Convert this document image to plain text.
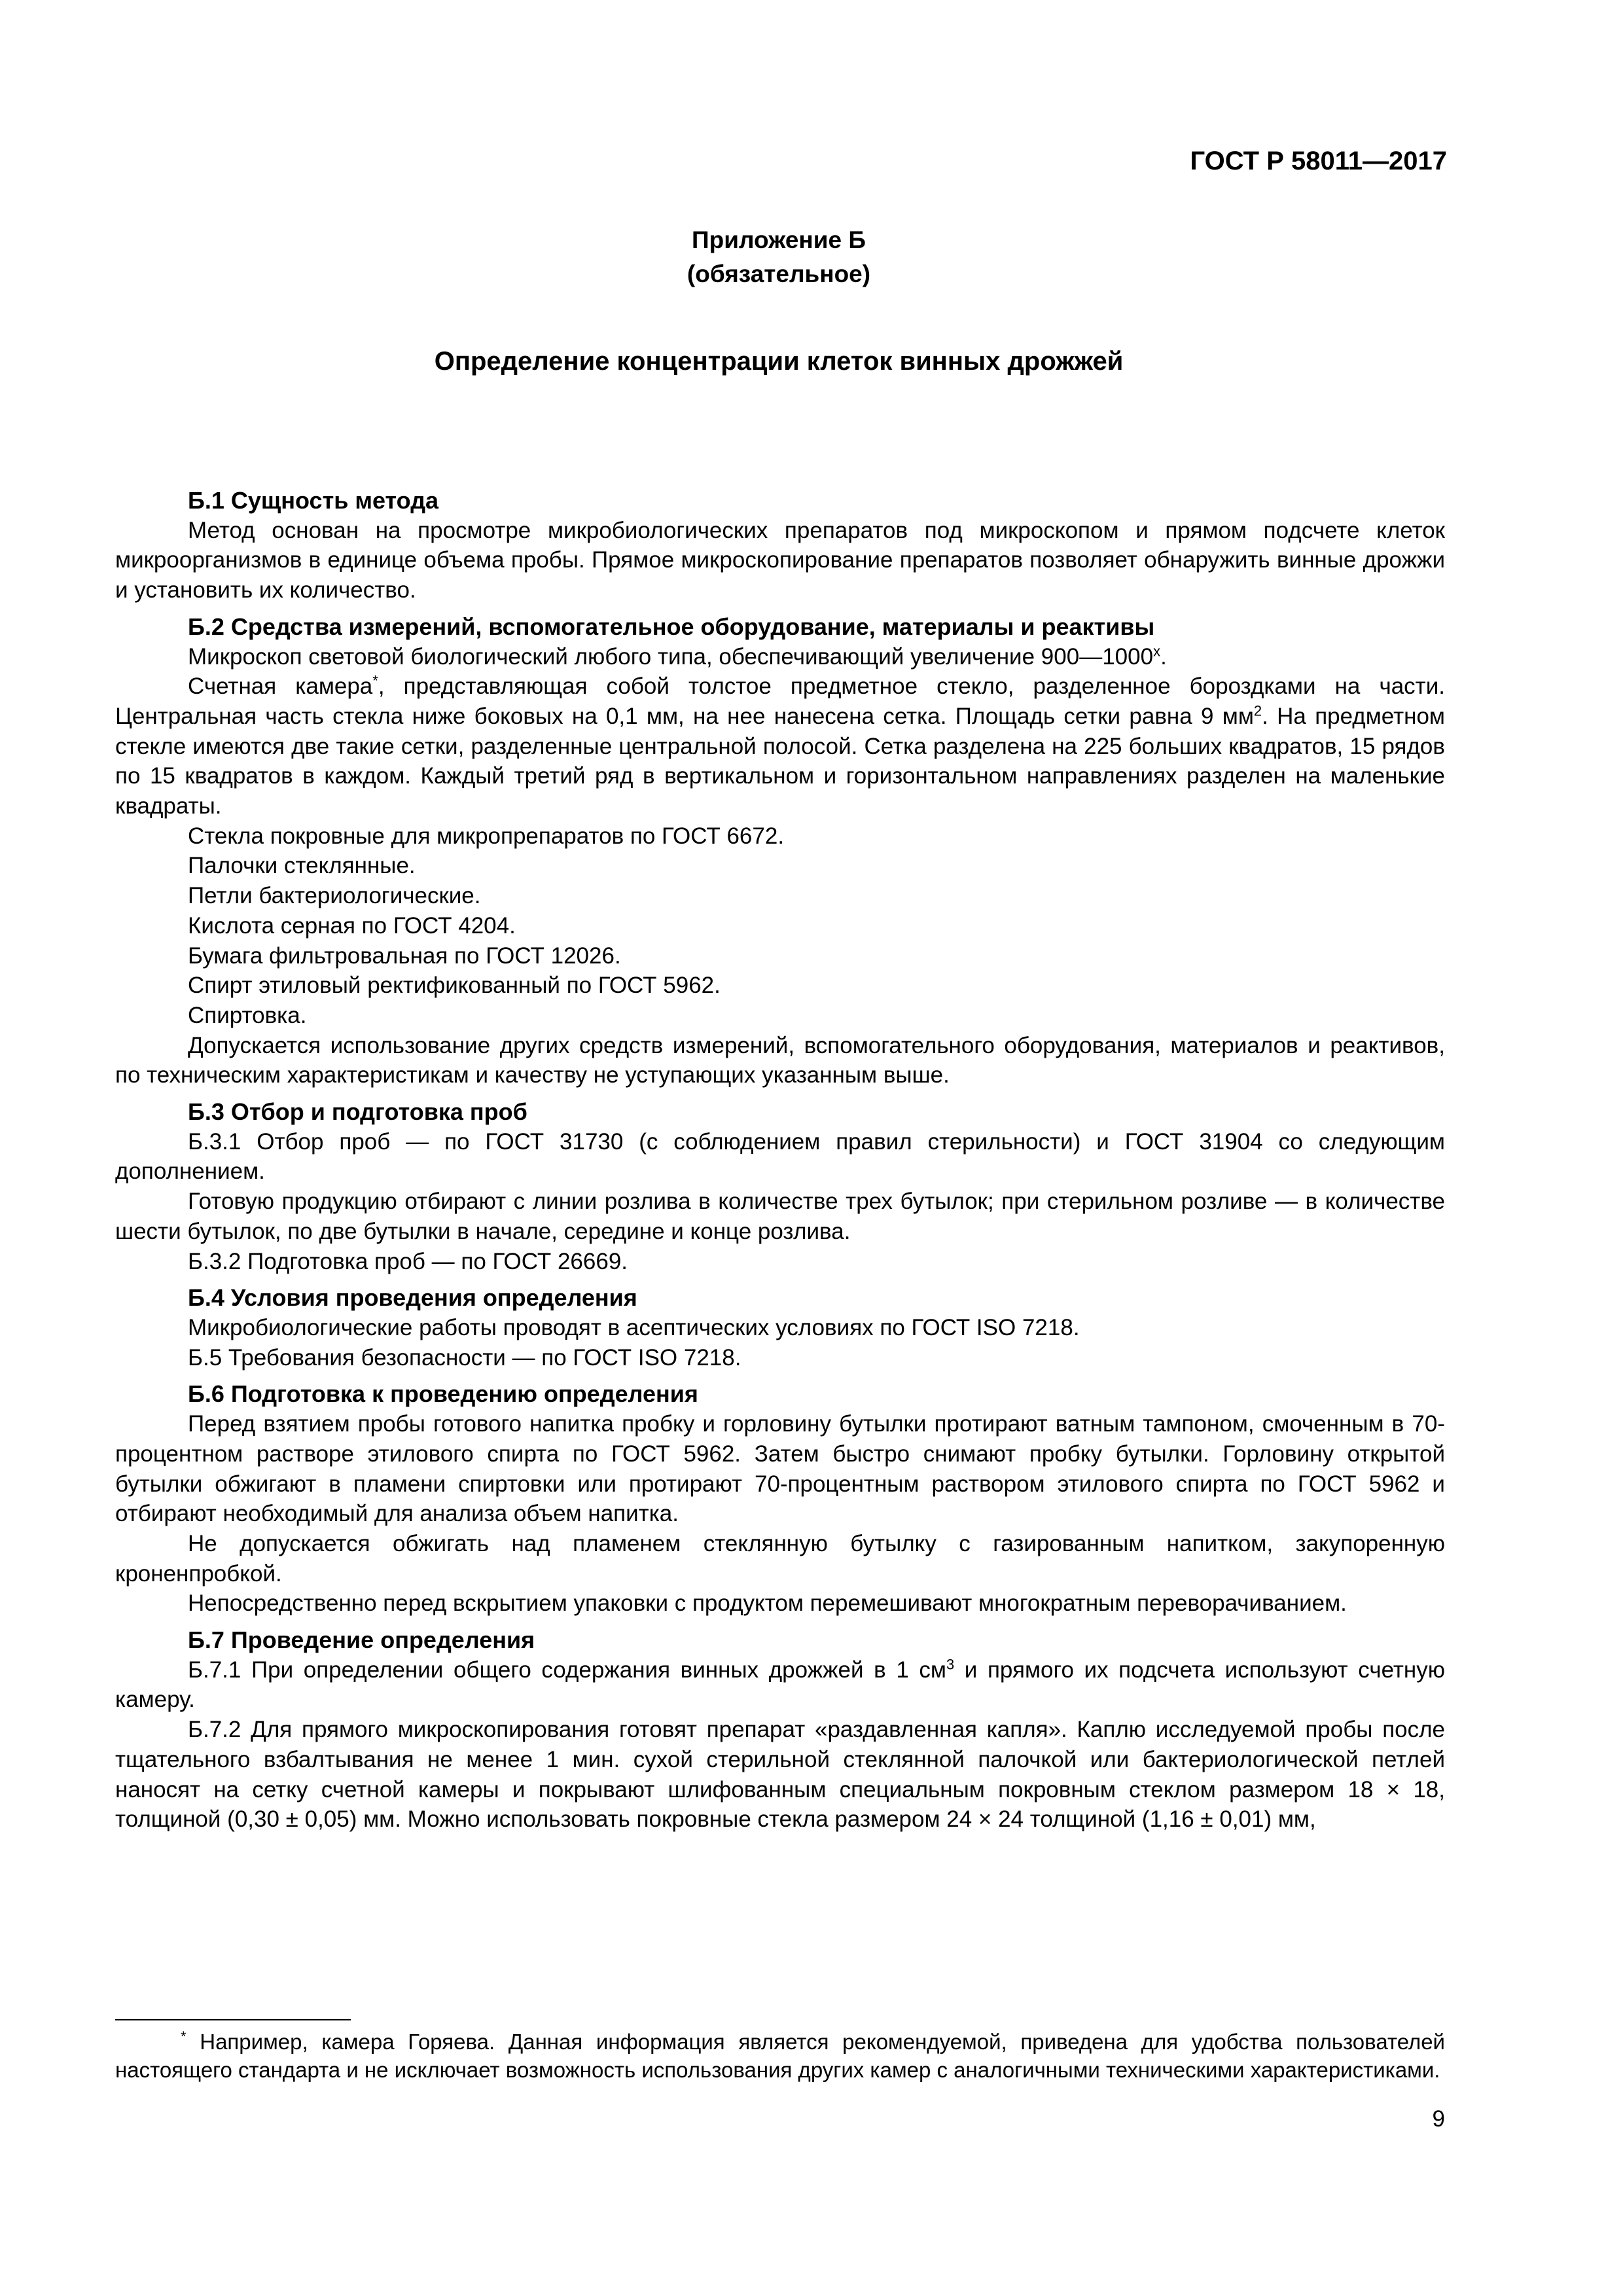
ГОСТ Р 58011—2017
Приложение Б
(обязательное)
Определение концентрации клеток винных дрожжей
Б.1 Сущность метода

Метод основан на просмотре микробиологических препаратов под микроскопом и прямом подсчете клеток микроорганизмов в единице объема пробы. Прямое микроскопирование препаратов позволяет обнаружить винные дрожжи и установить их количество.

Б.2 Средства измерений, вспомогательное оборудование, материалы и реактивы

Микроскоп световой биологический любого типа, обеспечивающий увеличение $900—1000^х$.

Счетная камера*, представляющая собой толстое предметное стекло, разделенное бороздками на части. Центральная часть стекла ниже боковых на 0,1 мм, на нее нанесена сетка. Площадь сетки равна 9 $мм^2$. На предметном стекле имеются две такие сетки, разделенные центральной полосой. Сетка разделена на 225 больших квадратов, 15 рядов по 15 квадратов в каждом. Каждый третий ряд в вертикальном и горизонтальном направлениях разделен на маленькие квадраты.

Стекла покровные для микропрепаратов по ГОСТ 6672.

Палочки стеклянные.

Петли бактериологические.

Кислота серная по ГОСТ 4204.

Бумага фильтровальная по ГОСТ 12026.

Спирт этиловый ректификованный по ГОСТ 5962.

Спиртовка.

Допускается использование других средств измерений, вспомогательного оборудования, материалов и реактивов, по техническим характеристикам и качеству не уступающих указанным выше.

Б.3 Отбор и подготовка проб

Б.3.1 Отбор проб — по ГОСТ 31730 (с соблюдением правил стерильности) и ГОСТ 31904 со следующим дополнением.

Готовую продукцию отбирают с линии розлива в количестве трех бутылок; при стерильном розливе — в количестве шести бутылок, по две бутылки в начале, середине и конце розлива.

Б.3.2 Подготовка проб — по ГОСТ 26669.

Б.4 Условия проведения определения

Микробиологические работы проводят в асептических условиях по ГОСТ ISO 7218.

Б.5 Требования безопасности — по ГОСТ ISO 7218.

Б.6 Подготовка к проведению определения

Перед взятием пробы готового напитка пробку и горловину бутылки протирают ватным тампоном, смоченным в 70-процентном растворе этилового спирта по ГОСТ 5962. Затем быстро снимают пробку бутылки. Горловину открытой бутылки обжигают в пламени спиртовки или протирают 70-процентным раствором этилового спирта по ГОСТ 5962 и отбирают необходимый для анализа объем напитка.

Не допускается обжигать над пламенем стеклянную бутылку с газированным напитком, закупоренную кроненпробкой.

Непосредственно перед вскрытием упаковки с продуктом перемешивают многократным переворачиванием.

Б.7 Проведение определения

Б.7.1 При определении общего содержания винных дрожжей в 1 $см^3$ и прямого их подсчета используют счетную камеру.

Б.7.2 Для прямого микроскопирования готовят препарат «раздавленная капля». Каплю исследуемой пробы после тщательного взбалтывания не менее 1 мин. сухой стерильной стеклянной палочкой или бактериологической петлей наносят на сетку счетной камеры и покрывают шлифованным специальным покровным стеклом размером 18 × 18, толщиной (0,30 ± 0,05) мм. Можно использовать покровные стекла размером 24 × 24 толщиной (1,16 ± 0,01) мм,

* Например, камера Горяева. Данная информация является рекомендуемой, приведена для удобства пользователей настоящего стандарта и не исключает возможность использования других камер с аналогичными техническими характеристиками.

9
